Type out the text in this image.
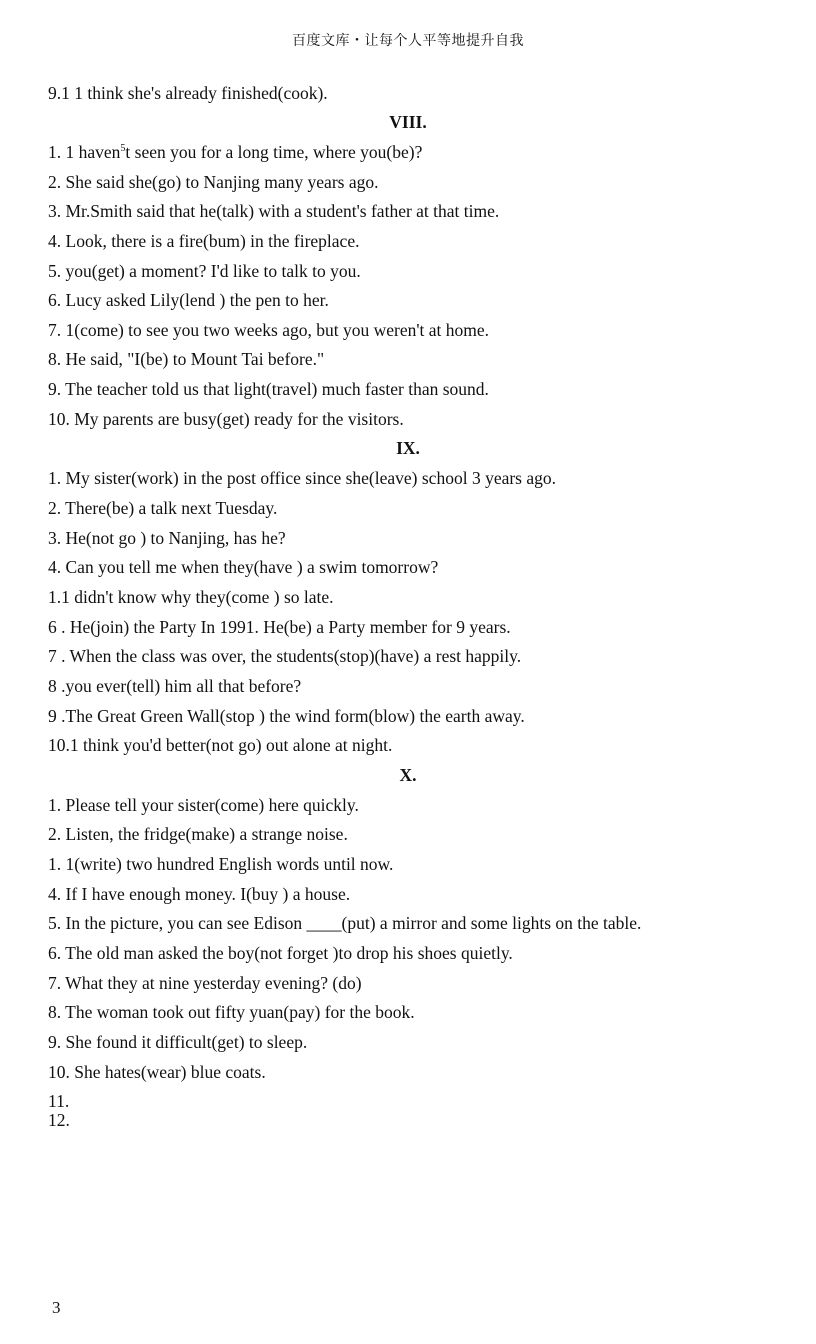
百度文库・让每个人平等地提升自我
9.1 1 think she's already finished(cook).
VIII.
1. 1 haven$^5$t seen you for a long time, where you(be)?
2. She said she(go) to Nanjing many years ago.
3. Mr.Smith said that he(talk) with a student's father at that time.
4. Look, there is a fire(bum) in the fireplace.
5. you(get) a moment? I'd like to talk to you.
6. Lucy asked Lily(lend ) the pen to her.
7. 1(come) to see you two weeks ago, but you weren't at home.
8. He said, "I(be) to Mount Tai before."
9. The teacher told us that light(travel) much faster than sound.
10. My parents are busy(get) ready for the visitors.
IX.
1. My sister(work) in the post office since she(leave) school 3 years ago.
2. There(be) a talk next Tuesday.
3. He(not go ) to Nanjing, has he?
4. Can you tell me when they(have ) a swim tomorrow?
1.1 didn't know why they(come ) so late.
6 . He(join) the Party In 1991. He(be) a Party member for 9 years.
7 . When the class was over, the students(stop)(have) a rest happily.
8 .you ever(tell) him all that before?
9 .The Great Green Wall(stop ) the wind form(blow) the earth away.
10.1 think you'd better(not go) out alone at night.
X.
1. Please tell your sister(come) here quickly.
2. Listen, the fridge(make) a strange noise.
1. 1(write) two hundred English words until now.
4. If I have enough money. I(buy ) a house.
5. In the picture, you can see Edison ____(put) a mirror and some lights on the table.
6. The old man asked the boy(not forget )to drop his shoes quietly.
7. What they at nine yesterday evening? (do)
8. The woman took out fifty yuan(pay) for the book.
9. She found it difficult(get) to sleep.
10. She hates(wear) blue coats.
11.
12.
3
